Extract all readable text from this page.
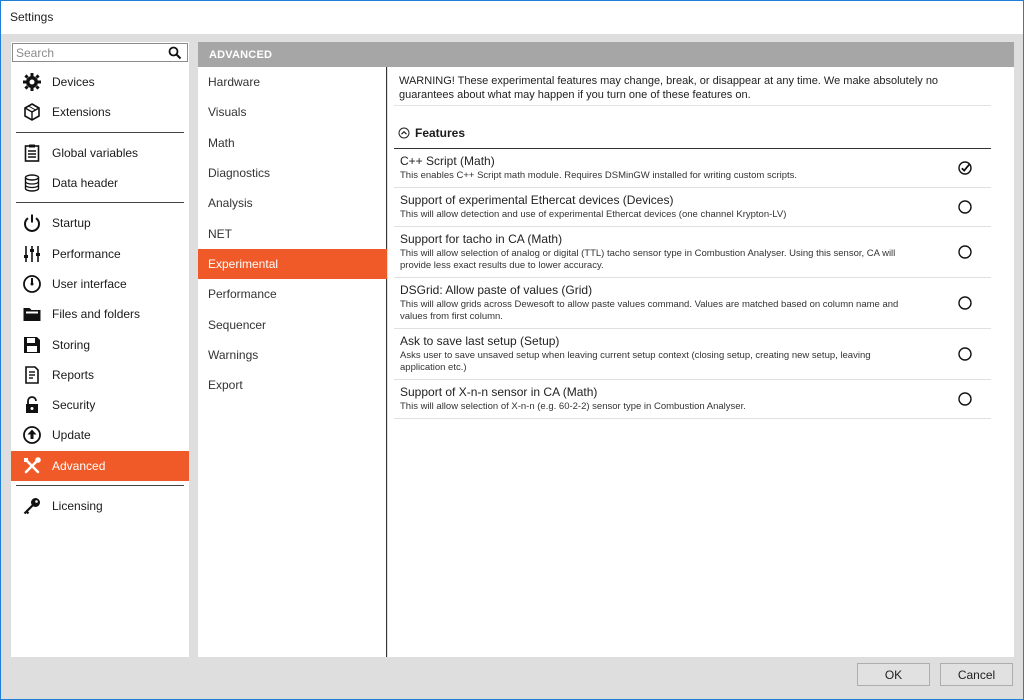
Settings
Search
Devices
Extensions
Global variables
Data header
Startup
Performance
User interface
Files and folders
Storing
Reports
Security
Update
Advanced
Licensing
Hardware
Visuals
Math
Diagnostics
Analysis
NET
Experimental
Performance
Sequencer
Warnings
Export
ADVANCED
WARNING! These experimental features may change, break, or disappear at any time. We make absolutely no guarantees about what may happen if you turn one of these features on.
Features
C++ Script (Math)
This enables C++ Script math module. Requires DSMinGW installed for writing custom scripts.
Support of experimental Ethercat devices (Devices)
This will allow detection and use of experimental Ethercat devices (one channel Krypton-LV)
Support for tacho in CA (Math)
This will allow selection of analog or digital (TTL) tacho sensor type in Combustion Analyser. Using this sensor, CA will provide less exact results due to lower accuracy.
DSGrid: Allow paste of values (Grid)
This will allow grids across Dewesoft to allow paste values command. Values are matched based on column name and values from first column.
Ask to save last setup (Setup)
Asks user to save unsaved setup when leaving current setup context (closing setup, creating new setup, leaving application etc.)
Support of X-n-n sensor in CA (Math)
This will allow selection of X-n-n (e.g. 60-2-2) sensor type in Combustion Analyser.
OK	Cancel
